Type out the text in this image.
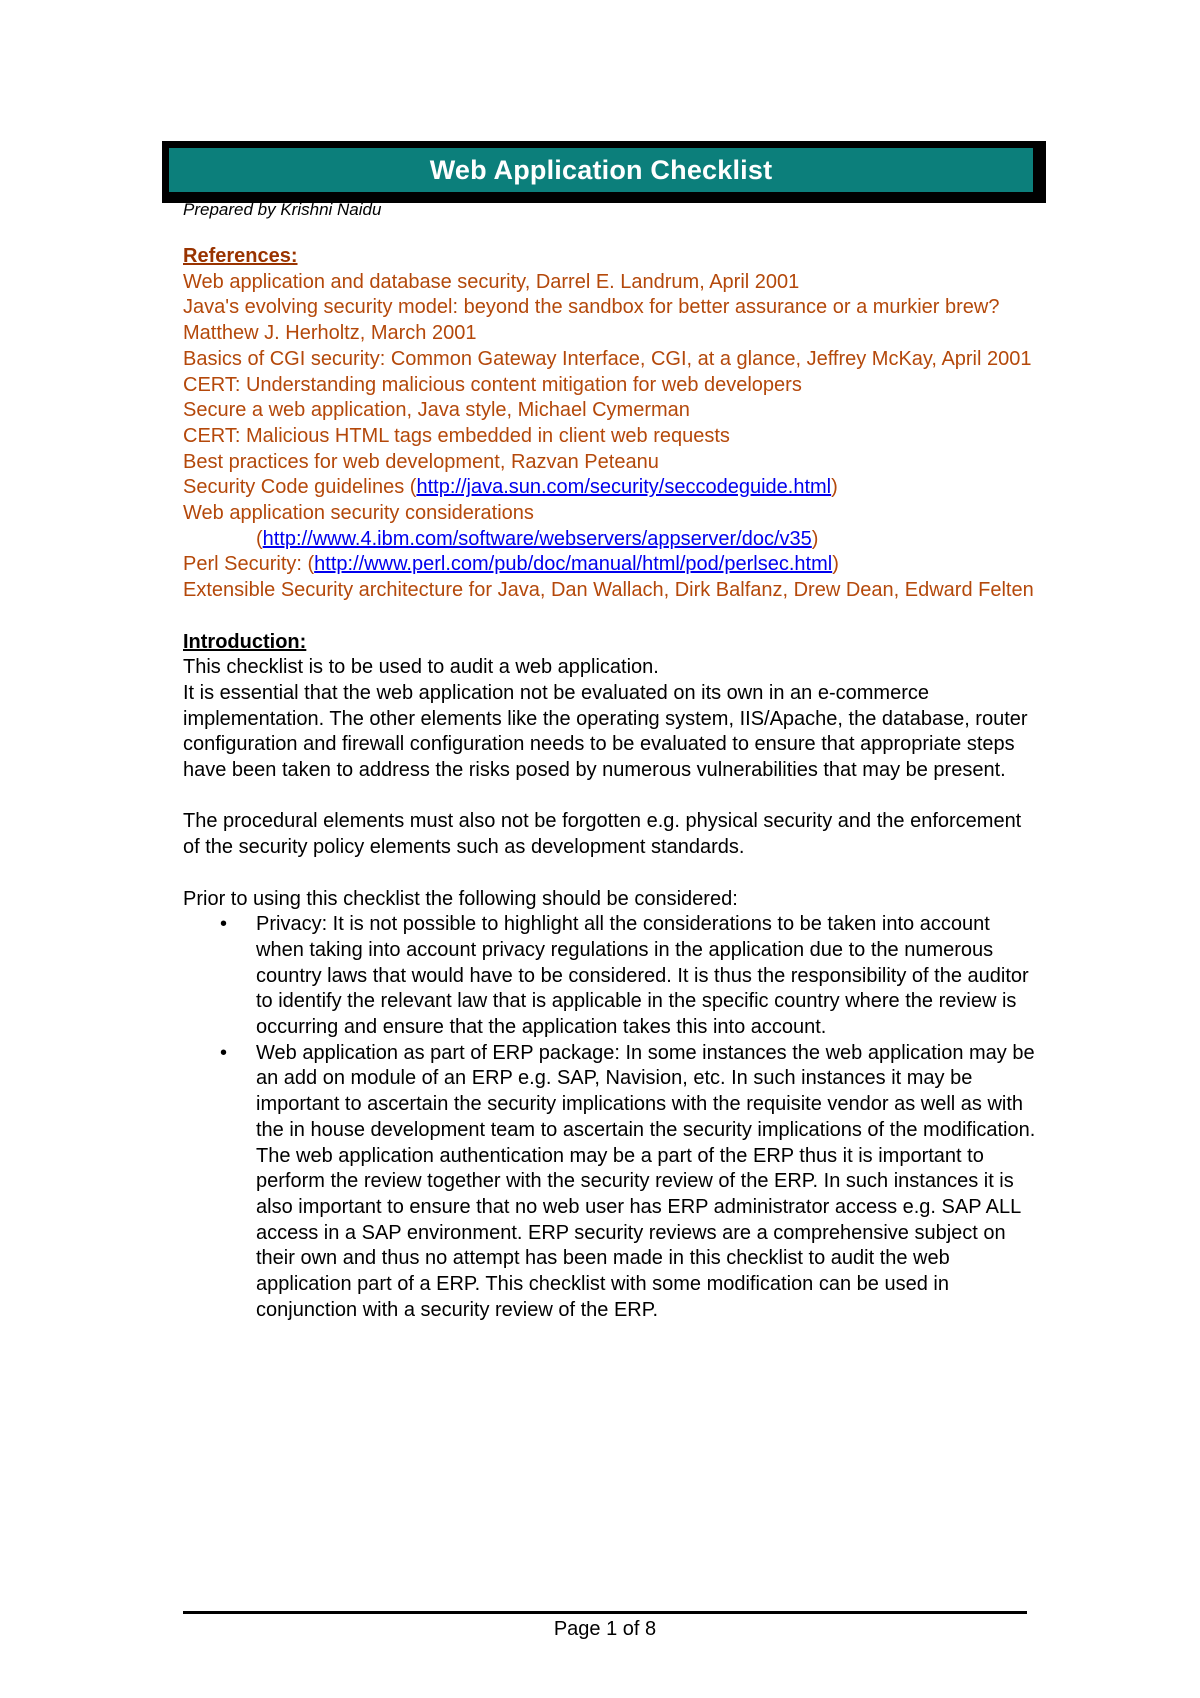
Web Application Checklist
Prepared by Krishni Naidu
References:
Web application and database security, Darrel E. Landrum, April 2001
Java's evolving security model: beyond the sandbox for better assurance or a murkier brew? Matthew J. Herholtz, March 2001
Basics of CGI security: Common Gateway Interface, CGI, at a glance, Jeffrey McKay, April 2001
CERT: Understanding malicious content mitigation for web developers
Secure a web application, Java style, Michael Cymerman
CERT: Malicious HTML tags embedded in client web requests
Best practices for web development, Razvan Peteanu
Security Code guidelines (http://java.sun.com/security/seccodeguide.html)
Web application security considerations
(http://www.4.ibm.com/software/webservers/appserver/doc/v35)
Perl Security: (http://www.perl.com/pub/doc/manual/html/pod/perlsec.html)
Extensible Security architecture for Java, Dan Wallach, Dirk Balfanz, Drew Dean, Edward Felten
Introduction:
This checklist is to be used to audit a web application.
It is essential that the web application not be evaluated on its own in an e-commerce implementation. The other elements like the operating system, IIS/Apache, the database, router configuration and firewall configuration needs to be evaluated to ensure that appropriate steps have been taken to address the risks posed by numerous vulnerabilities that may be present.
The procedural elements must also not be forgotten e.g. physical security and the enforcement of the security policy elements such as development standards.
Prior to using this checklist the following should be considered:
• Privacy: It is not possible to highlight all the considerations to be taken into account when taking into account privacy regulations in the application due to the numerous country laws that would have to be considered. It is thus the responsibility of the auditor to identify the relevant law that is applicable in the specific country where the review is occurring and ensure that the application takes this into account.
• Web application as part of ERP package: In some instances the web application may be an add on module of an ERP e.g. SAP, Navision, etc. In such instances it may be important to ascertain the security implications with the requisite vendor as well as with the in house development team to ascertain the security implications of the modification. The web application authentication may be a part of the ERP thus it is important to perform the review together with the security review of the ERP. In such instances it is also important to ensure that no web user has ERP administrator access e.g. SAP ALL access in a SAP environment. ERP security reviews are a comprehensive subject on their own and thus no attempt has been made in this checklist to audit the web application part of a ERP. This checklist with some modification can be used in conjunction with a security review of the ERP.
Page 1 of 8
